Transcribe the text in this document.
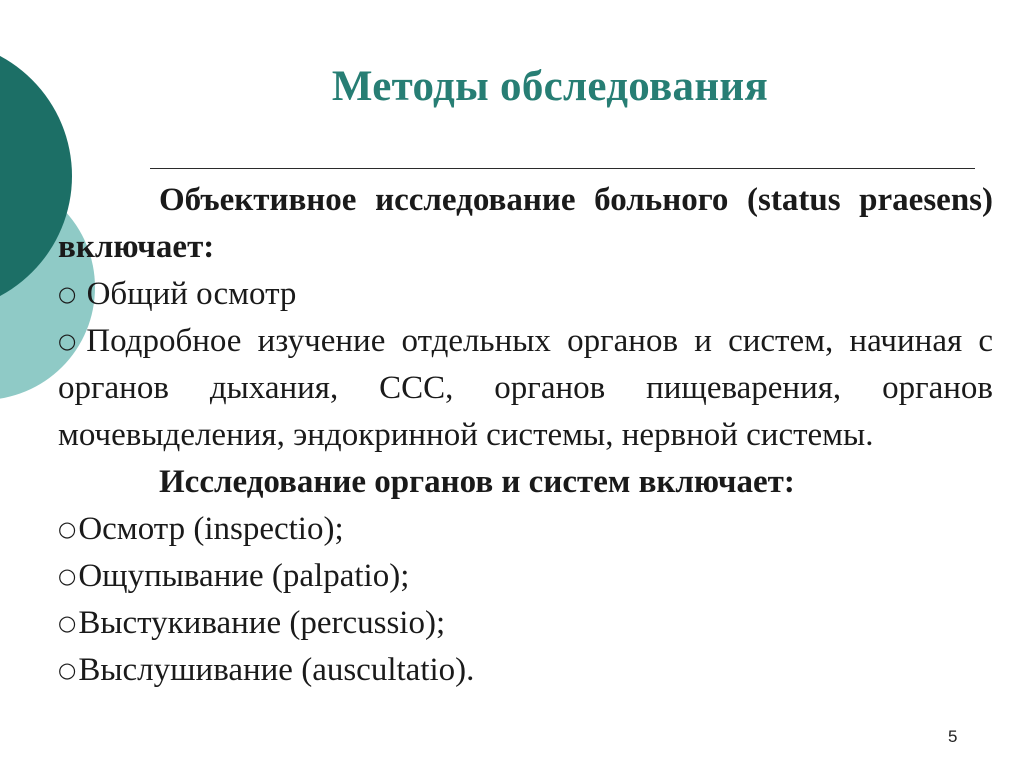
Методы обследования

Объективное исследование больного (status praesens) включает:

○ Общий осмотр

○Подробное изучение отдельных органов и систем, начиная с органов дыхания, ССС, органов пищеварения, органов мочевыделения, эндокринной системы, нервной системы.

Исследование органов и систем включает:

○Осмотр (inspectio);

○Ощупывание (palpatio);

○Выстукивание (percussio);

○Выслушивание (auscultatio).

5
